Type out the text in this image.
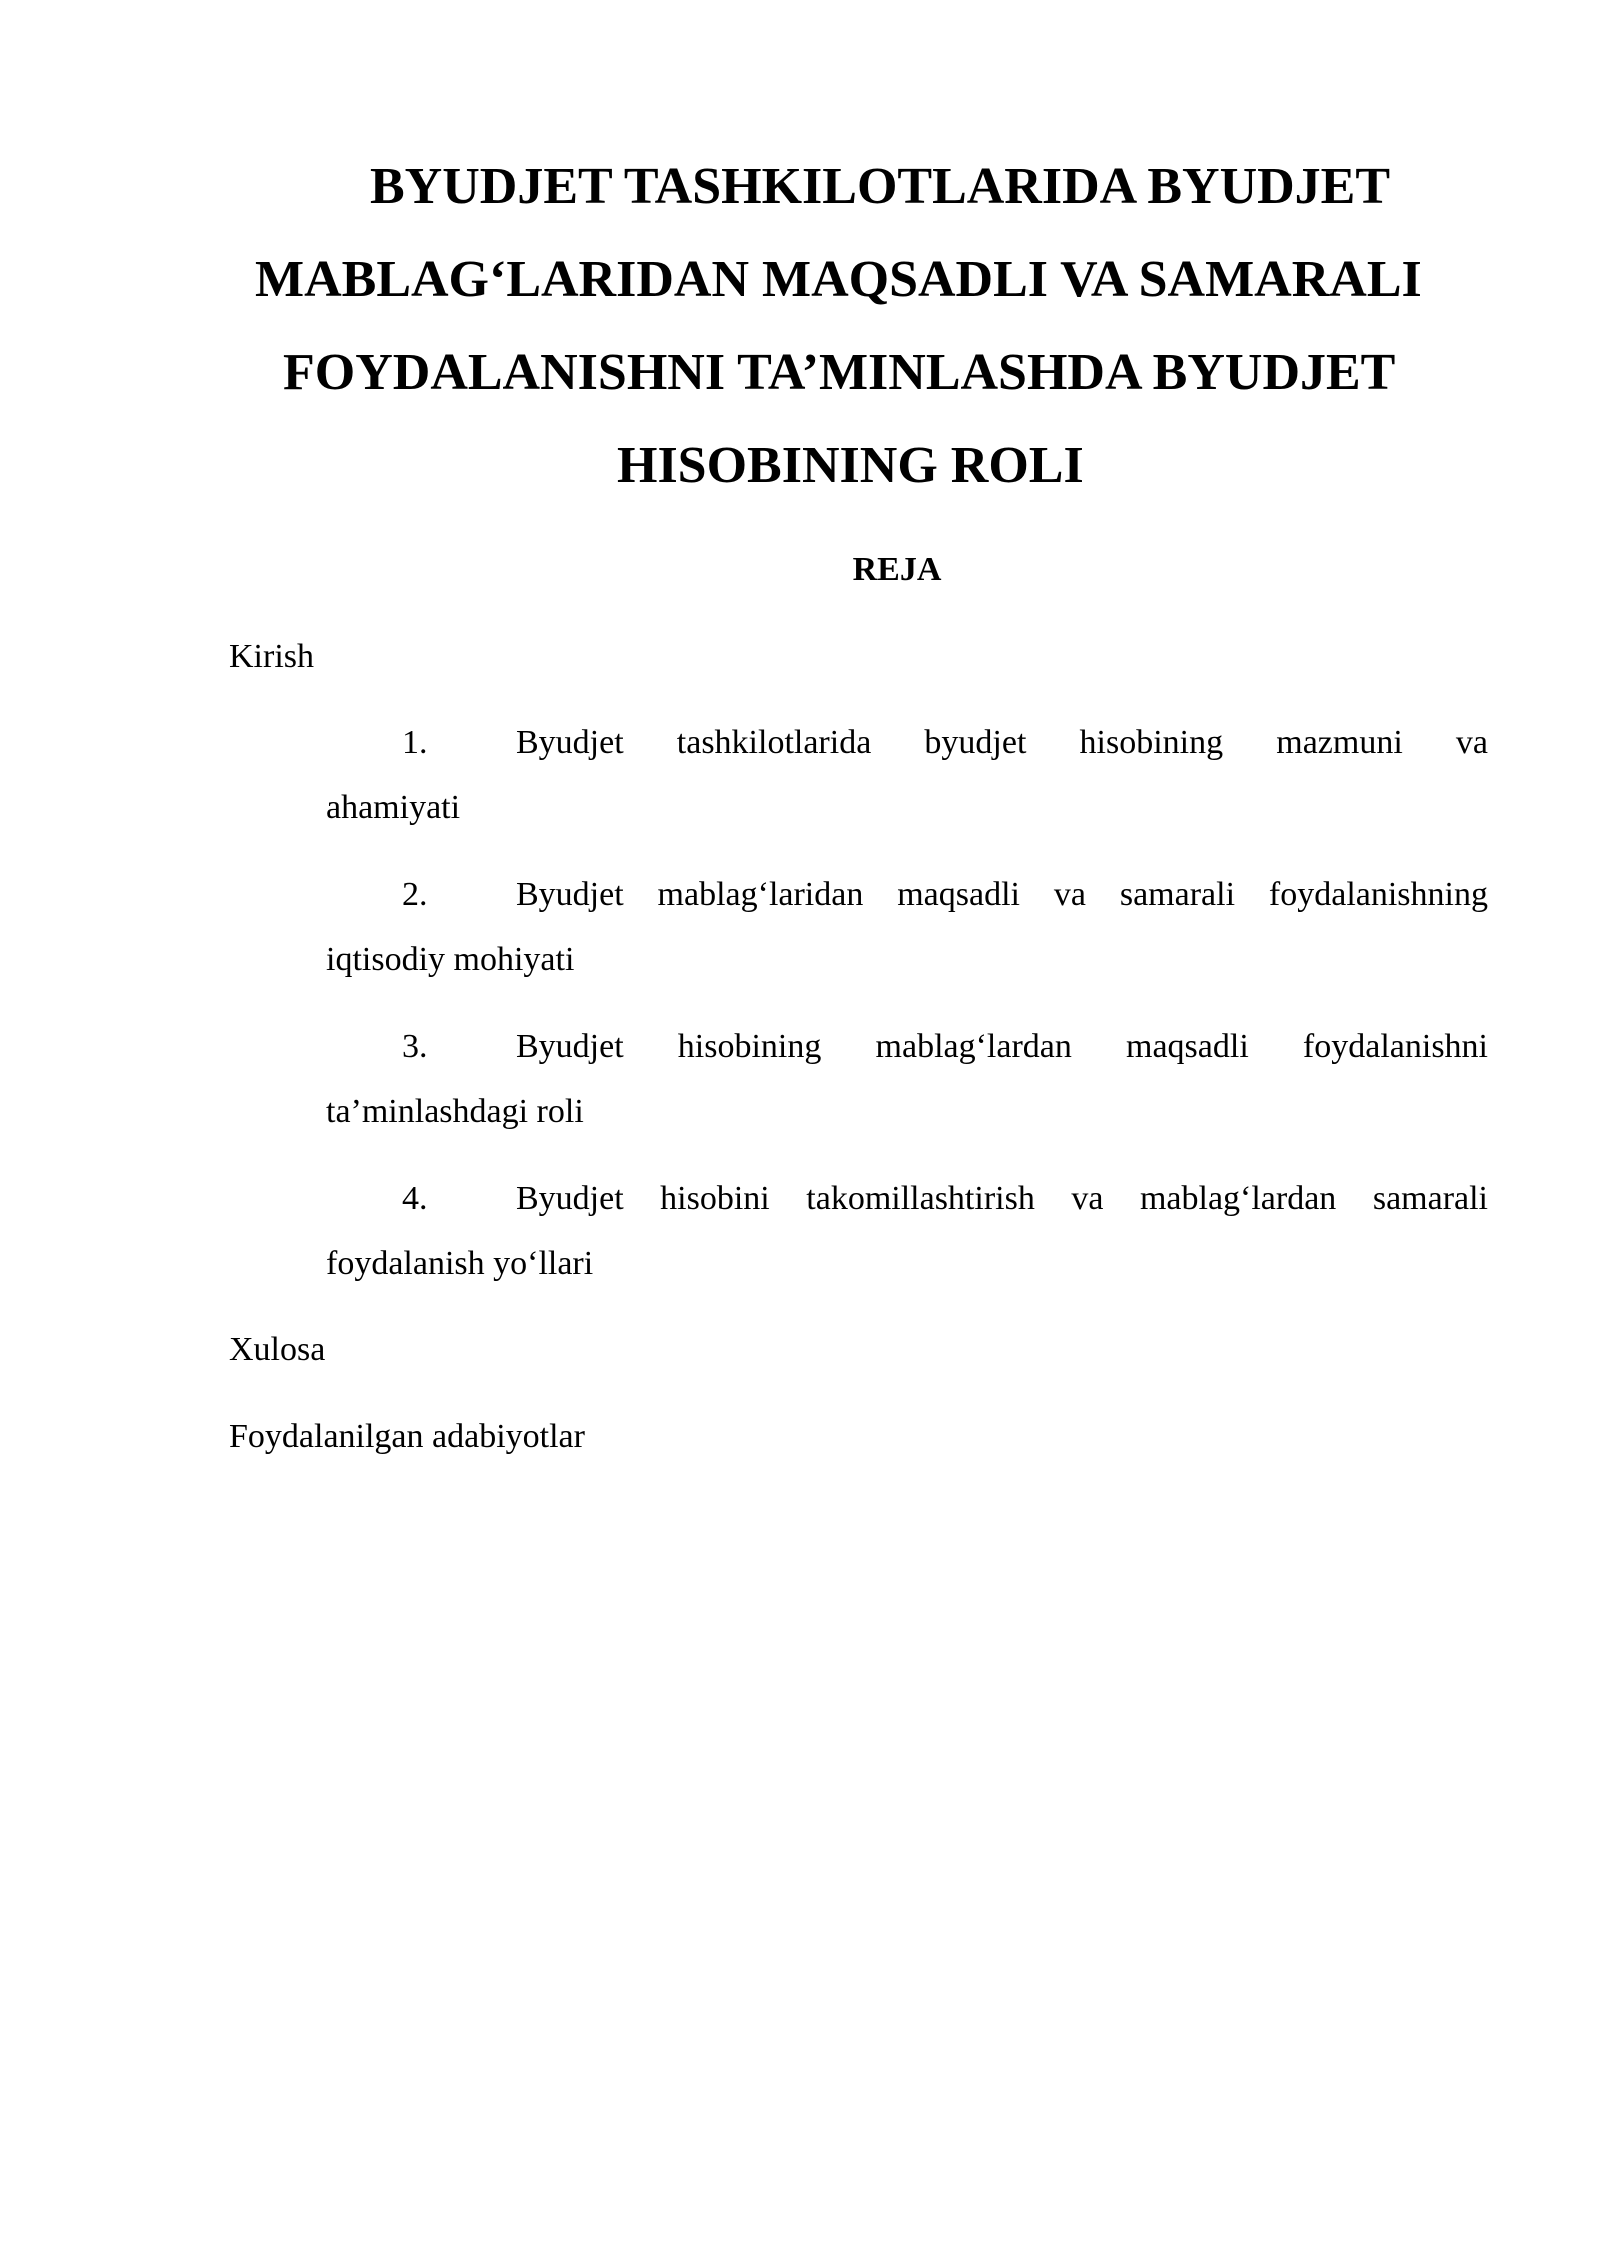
BYUDJET TASHKILOTLARIDA BYUDJET

MABLAG‘LARIDAN MAQSADLI VA SAMARALI

FOYDALANISHNI TA’MINLASHDA BYUDJET

HISOBINING ROLI

REJA

Kirish

1.	Byudjet tashkilotlarida byudjet hisobining mazmuni va
ahamiyati
2.	Byudjet mablag‘laridan maqsadli va samarali foydalanishning
iqtisodiy mohiyati
3.	Byudjet hisobining mablag‘lardan maqsadli foydalanishni
ta’minlashdagi roli
4.	Byudjet hisobini takomillashtirish va mablag‘lardan samarali
foydalanish yo‘llari

Xulosa

Foydalanilgan adabiyotlar
